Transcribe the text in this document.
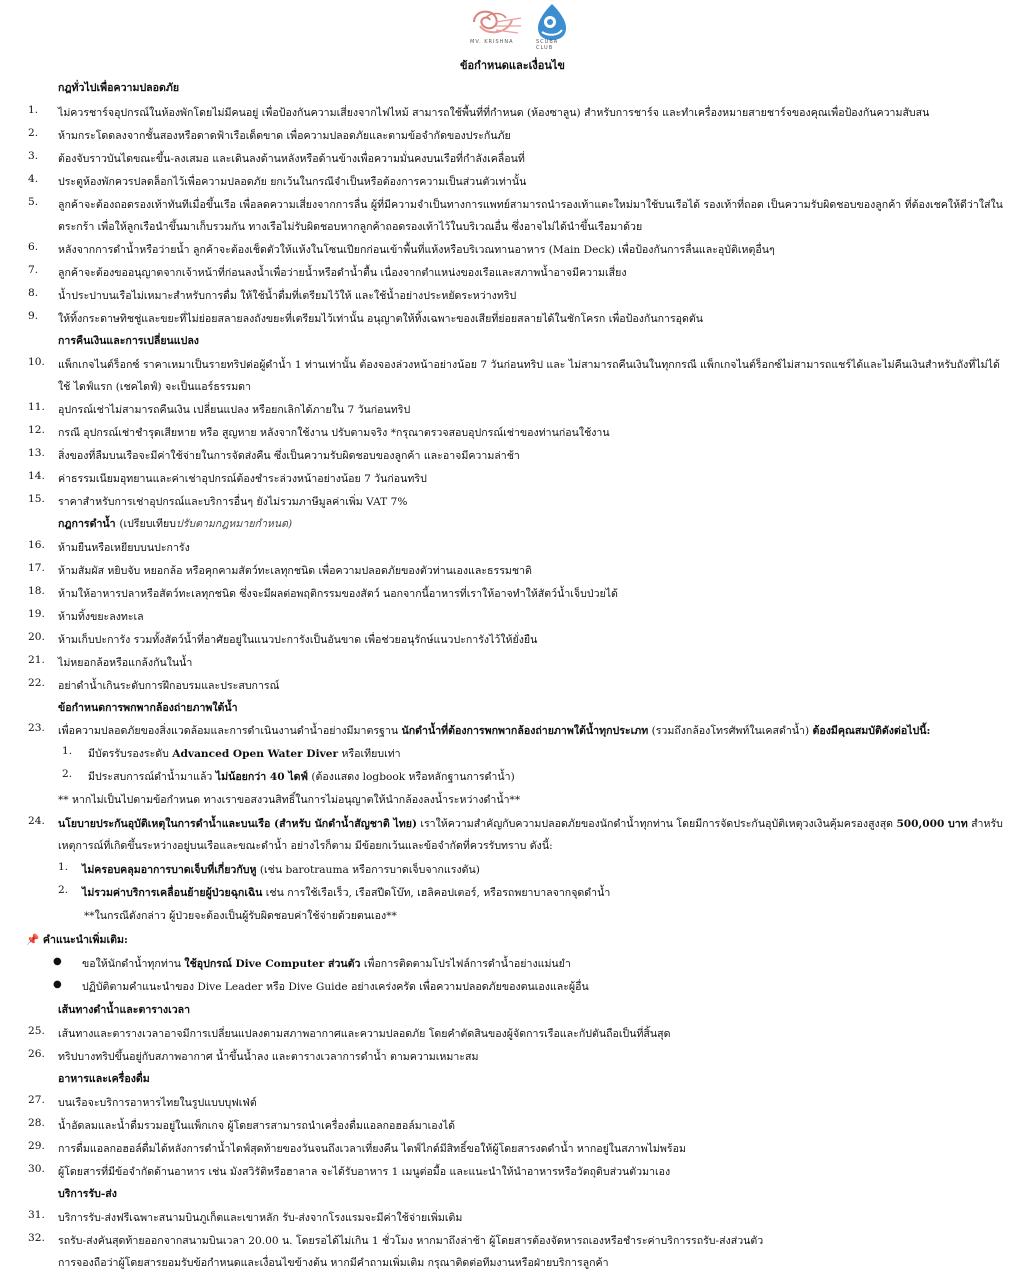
MV. KRISHNA	SCUBA CLUB
ข้อกำหนดและเงื่อนไข
กฎทั่วไปเพื่อความปลอดภัย
1. ไม่ควรชาร์จอุปกรณ์ในห้องพักโดยไม่มีคนอยู่ เพื่อป้องกันความเสี่ยงจากไฟไหม้ สามารถใช้พื้นที่ที่กำหนด (ห้องซาลูน) สำหรับการชาร์จ และทำเครื่องหมายสายชาร์จของคุณเพื่อป้องกันความสับสน
2. ห้ามกระโดดลงจากชั้นสองหรือดาดฟ้าเรือเด็ดขาด เพื่อความปลอดภัยและตามข้อจำกัดของประกันภัย
3. ต้องจับราวบันไดขณะขึ้น-ลงเสมอ และเดินลงด้านหลังหรือด้านข้างเพื่อความมั่นคงบนเรือที่กำลังเคลื่อนที่
4. ประตูห้องพักควรปลดล็อกไว้เพื่อความปลอดภัย ยกเว้นในกรณีจำเป็นหรือต้องการความเป็นส่วนตัวเท่านั้น
5. ลูกค้าจะต้องถอดรองเท้าทันทีเมื่อขึ้นเรือ เพื่อลดความเสี่ยงจากการลื่น ผู้ที่มีความจำเป็นทางการแพทย์สามารถนำรองเท้าแตะใหม่มาใช้บนเรือได้ รองเท้าที่ถอด เป็นความรับผิดชอบของลูกค้า ที่ต้องเชคให้ดีว่าใส่ใน
ตระกร้า เพื่อให้ลูกเรือนำขึ้นมาเก็บรวมกัน ทางเรือไม่รับผิดชอบหากลูกค้าถอดรองเท้าไว้ในบริเวณอื่น ซึ่งอาจไม่ได้นำขึ้นเรือมาด้วย
6. หลังจากการดำน้ำหรือว่ายน้ำ ลูกค้าจะต้องเช็ดตัวให้แห้งในโซนเปียกก่อนเข้าพื้นที่แห้งหรือบริเวณทานอาหาร (Main Deck) เพื่อป้องกันการลื่นและอุบัติเหตุอื่นๆ
7. ลูกค้าจะต้องขออนุญาตจากเจ้าหน้าที่ก่อนลงน้ำเพื่อว่ายน้ำหรือดำน้ำตื้น เนื่องจากตำแหน่งของเรือและสภาพน้ำอาจมีความเสี่ยง
8. น้ำประปาบนเรือไม่เหมาะสำหรับการดื่ม ให้ใช้น้ำดื่มที่เตรียมไว้ให้ และใช้น้ำอย่างประหยัดระหว่างทริป
9. ให้ทิ้งกระดาษทิชชู่และขยะที่ไม่ย่อยสลายลงถังขยะที่เตรียมไว้เท่านั้น อนุญาตให้ทิ้งเฉพาะของเสียที่ย่อยสลายได้ในชักโครก เพื่อป้องกันการอุดตัน
การคืนเงินและการเปลี่ยนแปลง
10. แพ็กเกจไนต์ร็อกซ์ ราคาเหมาเป็นรายทริปต่อผู้ดำน้ำ 1 ท่านเท่านั้น ต้องจองล่วงหน้าอย่างน้อย 7 วันก่อนทริป และ ไม่สามารถคืนเงินในทุกกรณี แพ็กเกจไนต์ร็อกซ์ไม่สามารถแชร์ได้และไม่คืนเงินสำหรับถังที่ไม่ได้
ใช้ ไดฟ์แรก (เชคไดฟ์) จะเป็นแอร์ธรรมดา
11. อุปกรณ์เช่าไม่สามารถคืนเงิน เปลี่ยนแปลง หรือยกเลิกได้ภายใน 7 วันก่อนทริป
12. กรณี อุปกรณ์เช่าชำรุดเสียหาย หรือ สูญหาย หลังจากใช้งาน ปรับตามจริง *กรุณาตรวจสอบอุปกรณ์เช่าของท่านก่อนใช้งาน
13. สิ่งของที่ลืมบนเรือจะมีค่าใช้จ่ายในการจัดส่งคืน ซึ่งเป็นความรับผิดชอบของลูกค้า และอาจมีความล่าช้า
14. ค่าธรรมเนียมอุทยานและค่าเช่าอุปกรณ์ต้องชำระล่วงหน้าอย่างน้อย 7 วันก่อนทริป
15. ราคาสำหรับการเช่าอุปกรณ์และบริการอื่นๆ ยังไม่รวมภาษีมูลค่าเพิ่ม VAT 7%
กฎการดำน้ำ (เปรียบเทียบปรับตามกฎหมายกำหนด)
16. ห้ามยืนหรือเหยียบบนปะการัง
17. ห้ามสัมผัส หยิบจับ หยอกล้อ หรือคุกคามสัตว์ทะเลทุกชนิด เพื่อความปลอดภัยของตัวท่านเองและธรรมชาติ
18. ห้ามให้อาหารปลาหรือสัตว์ทะเลทุกชนิด ซึ่งจะมีผลต่อพฤติกรรมของสัตว์ นอกจากนี้อาหารที่เราให้อาจทำให้สัตว์น้ำเจ็บป่วยได้
19. ห้ามทิ้งขยะลงทะเล
20. ห้ามเก็บปะการัง รวมทั้งสัตว์น้ำที่อาศัยอยู่ในแนวปะการังเป็นอันขาด เพื่อช่วยอนุรักษ์แนวปะการังไว้ให้ยั่งยืน
21. ไม่หยอกล้อหรือแกล้งกันในน้ำ
22. อย่าดำน้ำเกินระดับการฝึกอบรมและประสบการณ์
ข้อกำหนดการพกพากล้องถ่ายภาพใต้น้ำ
23. เพื่อความปลอดภัยของสิ่งแวดล้อมและการดำเนินงานดำน้ำอย่างมีมาตรฐาน นักดำน้ำที่ต้องการพกพากล้องถ่ายภาพใต้น้ำทุกประเภท (รวมถึงกล้องโทรศัพท์ในเคสดำน้ำ) ต้องมีคุณสมบัติดังต่อไปนี้:
1. มีบัตรรับรองระดับ Advanced Open Water Diver หรือเทียบเท่า
2. มีประสบการณ์ดำน้ำมาแล้ว ไม่น้อยกว่า 40 ไดฟ์ (ต้องแสดง logbook หรือหลักฐานการดำน้ำ)
** หากไม่เป็นไปตามข้อกำหนด ทางเราขอสงวนสิทธิ์ในการไม่อนุญาตให้นำกล้องลงน้ำระหว่างดำน้ำ**
24. นโยบายประกันอุบัติเหตุในการดำน้ำและบนเรือ (สำหรับ นักดำน้ำสัญชาติ ไทย) เราให้ความสำคัญกับความปลอดภัยของนักดำน้ำทุกท่าน โดยมีการจัดประกันอุบัติเหตุวงเงินคุ้มครองสูงสุด 500,000 บาท สำหรับ
เหตุการณ์ที่เกิดขึ้นระหว่างอยู่บนเรือและขณะดำน้ำ อย่างไรก็ตาม มีข้อยกเว้นและข้อจำกัดที่ควรรับทราบ ดังนี้:
1. ไม่ครอบคลุมอาการบาดเจ็บที่เกี่ยวกับหู (เช่น barotrauma หรือการบาดเจ็บจากแรงดัน)
2. ไม่รวมค่าบริการเคลื่อนย้ายผู้ป่วยฉุกเฉิน เช่น การใช้เรือเร็ว, เรือสปีดโบ๊ท, เฮลิคอปเตอร์, หรือรถพยาบาลจากจุดดำน้ำ
**ในกรณีดังกล่าว ผู้ป่วยจะต้องเป็นผู้รับผิดชอบค่าใช้จ่ายด้วยตนเอง**
📌 คำแนะนำเพิ่มเติม:
● ขอให้นักดำน้ำทุกท่าน ใช้อุปกรณ์ Dive Computer ส่วนตัว เพื่อการติดตามโปรไฟล์การดำน้ำอย่างแม่นยำ
● ปฏิบัติตามคำแนะนำของ Dive Leader หรือ Dive Guide อย่างเคร่งครัด เพื่อความปลอดภัยของตนเองและผู้อื่น
เส้นทางดำน้ำและตารางเวลา
25. เส้นทางและตารางเวลาอาจมีการเปลี่ยนแปลงตามสภาพอากาศและความปลอดภัย โดยคำตัดสินของผู้จัดการเรือและกัปตันถือเป็นที่สิ้นสุด
26. ทริปบางทริปขึ้นอยู่กับสภาพอากาศ น้ำขึ้นน้ำลง และตารางเวลาการดำน้ำ ตามความเหมาะสม
อาหารและเครื่องดื่ม
27. บนเรือจะบริการอาหารไทยในรูปแบบบุฟเฟ่ต์
28. น้ำอัดลมและน้ำดื่มรวมอยู่ในแพ็กเกจ ผู้โดยสารสามารถนำเครื่องดื่มแอลกอฮอล์มาเองได้
29. การดื่มแอลกอฮอล์ดื่มได้หลังการดำน้ำไดฟ์สุดท้ายของวันจนถึงเวลาเที่ยงคืน ไดฟ์ไกด์มีสิทธิ์ขอให้ผู้โดยสารงดดำน้ำ หากอยู่ในสภาพไม่พร้อม
30. ผู้โดยสารที่มีข้อจำกัดด้านอาหาร เช่น มังสวิรัติหรือฮาลาล จะได้รับอาหาร 1 เมนูต่อมื้อ และแนะนำให้นำอาหารหรือวัตถุดิบส่วนตัวมาเอง
บริการรับ-ส่ง
31. บริการรับ-ส่งฟรีเฉพาะสนามบินภูเก็ตและเขาหลัก รับ-ส่งจากโรงแรมจะมีค่าใช้จ่ายเพิ่มเติม
32. รถรับ-ส่งคันสุดท้ายออกจากสนามบินเวลา 20.00 น. โดยรอได้ไม่เกิน 1 ชั่วโมง หากมาถึงล่าช้า ผู้โดยสารต้องจัดหารถเองหรือชำระค่าบริการรถรับ-ส่งส่วนตัว
การจองถือว่าผู้โดยสารยอมรับข้อกำหนดและเงื่อนไขข้างต้น หากมีคำถามเพิ่มเติม กรุณาติดต่อทีมงานหรือฝ่ายบริการลูกค้า
